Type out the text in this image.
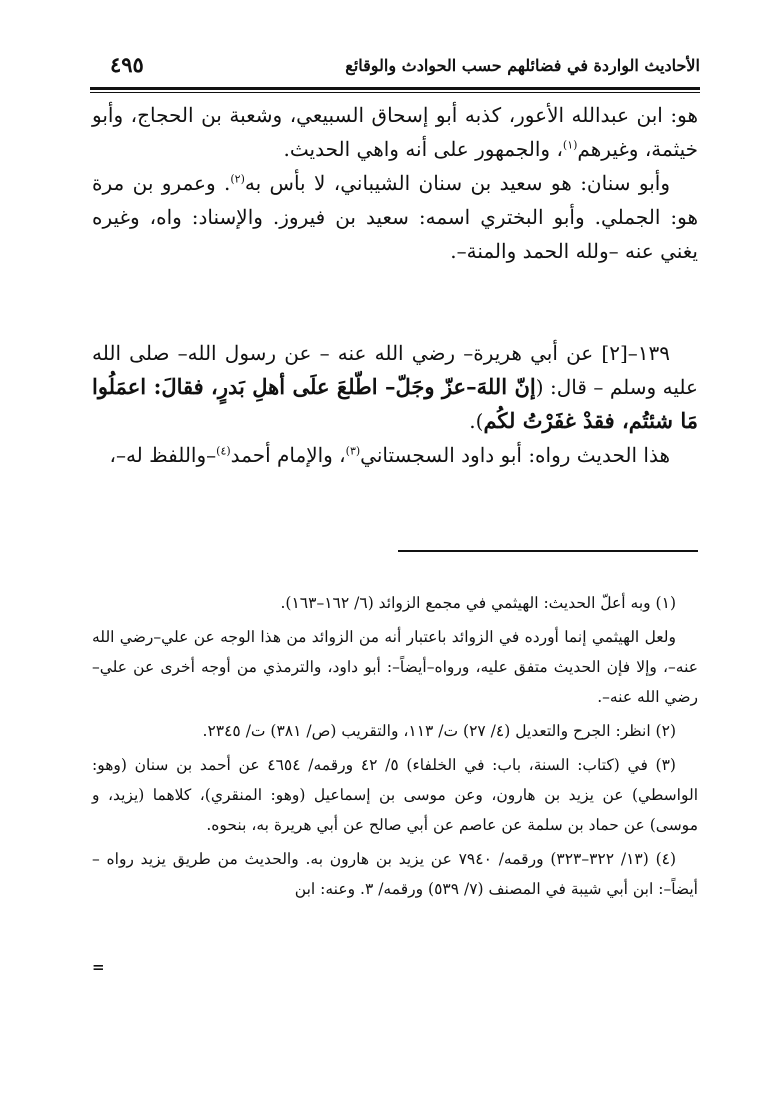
٤٩٥	الأحاديث الواردة في فضائلهم حسب الحوادث والوقائع

هو: ابن عبدالله الأعور، كذبه أبو إسحاق السبيعي، وشعبة بن الحجاج، وأبو خيثمة، وغيرهم$^{(١)}$، والجمهور على أنه واهي الحديث.

وأبو سنان: هو سعيد بن سنان الشيباني، لا بأس به$^{(٢)}$. وعمرو بن مرة هو: الجملي. وأبو البختري اسمه: سعيد بن فيروز. والإسناد: واه، وغيره يغني عنه –ولله الحمد والمنة–.

١٣٩–[٢] عن أبي هريرة– رضي الله عنه – عن رسول الله– صلى الله عليه وسلم – قال: (إنّ اللهَ–عزّ وجَلّ– اطّلعَ علَى أهلِ بَدرٍ، فقالَ: اعمَلُوا مَا شئتُم، فقدْ غفَرْتُ لكُم).

هذا الحديث رواه: أبو داود السجستاني$^{(٣)}$، والإمام أحمد$^{(٤)}$–واللفظ له–،

(١) وبه أعلّ الحديث: الهيثمي في مجمع الزوائد (٦/ ١٦٢–١٦٣).

ولعل الهيثمي إنما أورده في الزوائد باعتبار أنه من الزوائد من هذا الوجه عن علي–رضي الله عنه–، وإلا فإن الحديث متفق عليه، ورواه–أيضاً–: أبو داود، والترمذي من أوجه أخرى عن علي–رضي الله عنه–.

(٢) انظر: الجرح والتعديل (٤/ ٢٧) ت/ ١١٣، والتقريب (ص/ ٣٨١) ت/ ٢٣٤٥.

(٣) في (كتاب: السنة، باب: في الخلفاء) ٥/ ٤٢ ورقمه/ ٤٦٥٤ عن أحمد بن سنان (وهو: الواسطي) عن يزيد بن هارون، وعن موسى بن إسماعيل (وهو: المنقري)، كلاهما (يزيد، و موسى) عن حماد بن سلمة عن عاصم عن أبي صالح عن أبي هريرة به، بنحوه.

(٤) (١٣/ ٣٢٢–٣٢٣) ورقمه/ ٧٩٤٠ عن يزيد بن هارون به. والحديث من طريق يزيد رواه –أيضاً–: ابن أبي شيبة في المصنف (٧/ ٥٣٩) ورقمه/ ٣. وعنه: ابن

=
